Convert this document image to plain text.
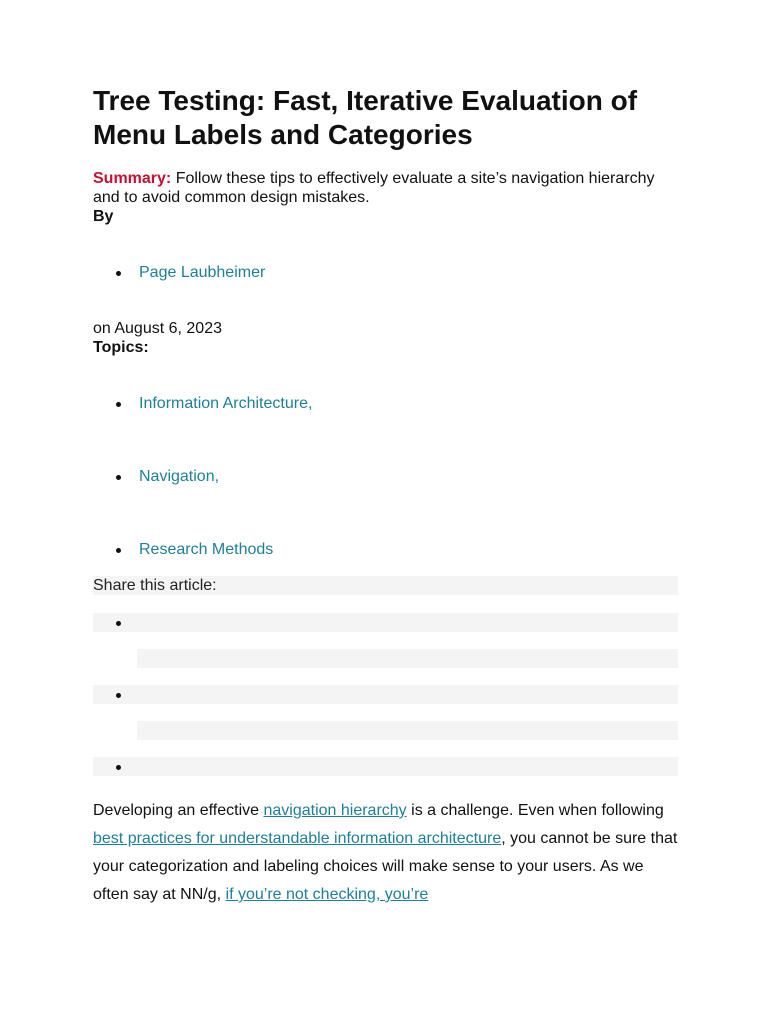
Tree Testing: Fast, Iterative Evaluation of Menu Labels and Categories
Summary: Follow these tips to effectively evaluate a site’s navigation hierarchy and to avoid common design mistakes.
By
Page Laubheimer
on August 6, 2023
Topics:
Information Architecture,
Navigation,
Research Methods
Share this article:

Developing an effective navigation hierarchy is a challenge. Even when following best practices for understandable information architecture, you cannot be sure that your categorization and labeling choices will make sense to your users. As we often say at NN/g, if you’re not checking, you’re
